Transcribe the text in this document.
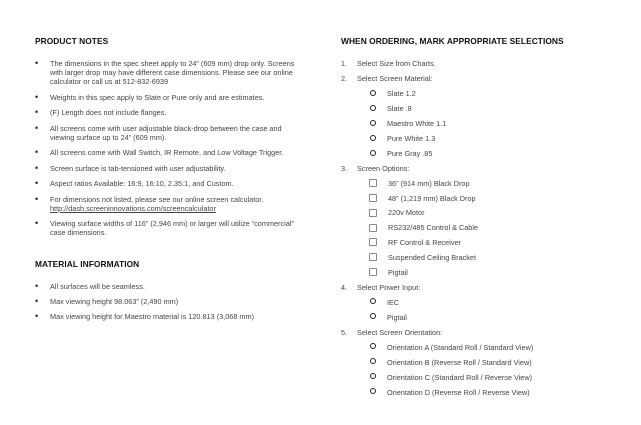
PRODUCT NOTES
• The dimensions in the spec sheet apply to 24” (609 mm) drop only. Screens with larger drop may have different case dimensions. Please see our online calculator or call us at 512-832-6939
• Weights in this spec apply to Slate or Pure only and are estimates.
• (F) Length does not include flanges.
• All screens come with user adjustable black-drop between the case and viewing surface up to 24” (609 mm).
• All screens come with Wall Switch, IR Remote, and Low Voltage Trigger.
• Screen surface is tab-tensioned with user adjustability.
• Aspect ratios Available: 16:9, 16:10, 2.35:1, and Custom.
• For dimensions not listed, please see our online screen calculator.
http://dash.screeninnovations.com/screencalculator
• Viewing surface widths of 116” (2,946 mm) or larger will utilize “commercial” case dimensions.
MATERIAL INFORMATION
• All surfaces will be seamless.
• Max viewing height 98.063” (2,490 mm)
• Max viewing height for Maestro material is 120.813 (3,068 mm)
WHEN ORDERING, MARK APPROPRIATE SELECTIONS
1. Select Size from Charts.
2. Select Screen Material:
Slate 1.2
Slate .8
Maestro White 1.1
Pure White 1.3
Pure Gray .85
3. Screen Options:
36” (914 mm) Black Drop
48” (1,219 mm) Black Drop
220v Motor
RS232/485 Control & Cable
RF Control & Receiver
Suspended Ceiling Bracket
Pigtail
4. Select Power Input:
IEC
Pigtail
5. Select Screen Orientation:
Orientation A (Standard Roll / Standard View)
Orientation B (Reverse Roll / Standard View)
Orientation C (Standard Roll / Reverse View)
Orientation D (Reverse Roll / Reverse View)
